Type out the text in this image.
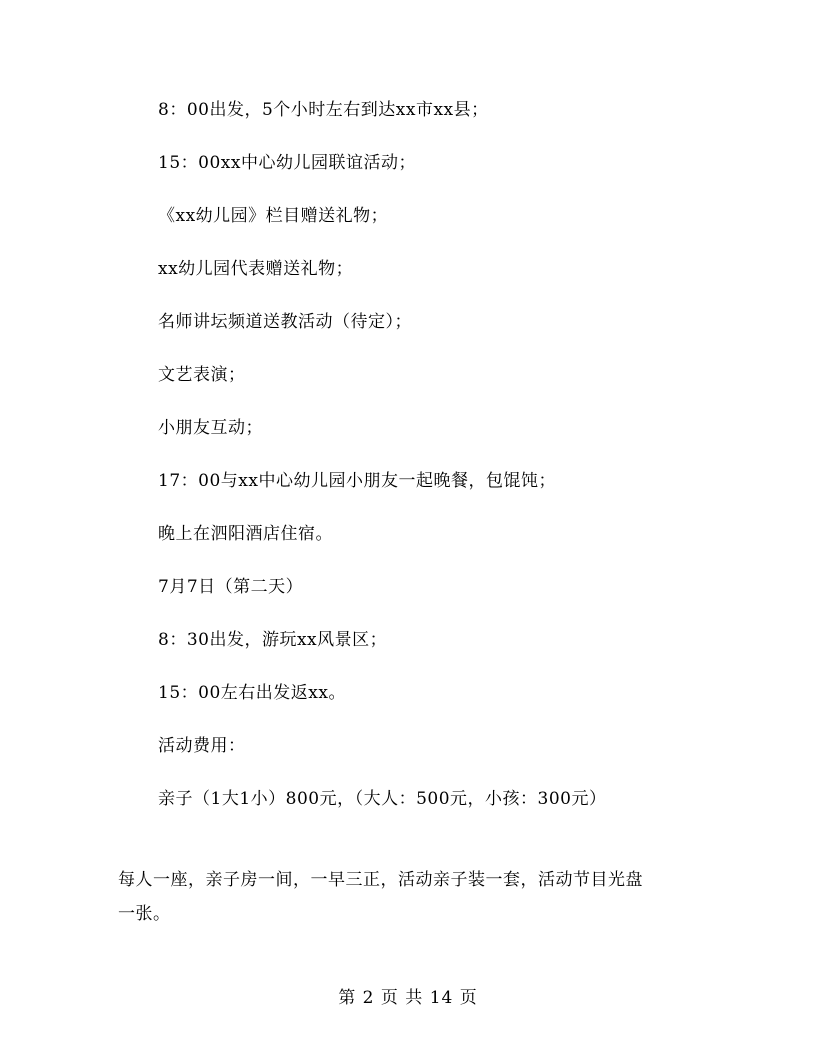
8：00出发，5个小时左右到达xx市xx县；
15：00xx中心幼儿园联谊活动；
《xx幼儿园》栏目赠送礼物；
xx幼儿园代表赠送礼物；
名师讲坛频道送教活动（待定）；
文艺表演；
小朋友互动；
17：00与xx中心幼儿园小朋友一起晚餐，包馄饨；
晚上在泗阳酒店住宿。
7月7日（第二天）
8：30出发，游玩xx风景区；
15：00左右出发返xx。
活动费用：
亲子（1大1小）800元，（大人：500元，小孩：300元）
每人一座，亲子房一间，一早三正，活动亲子装一套，活动节目光盘
一张。
第 2 页 共 14 页
